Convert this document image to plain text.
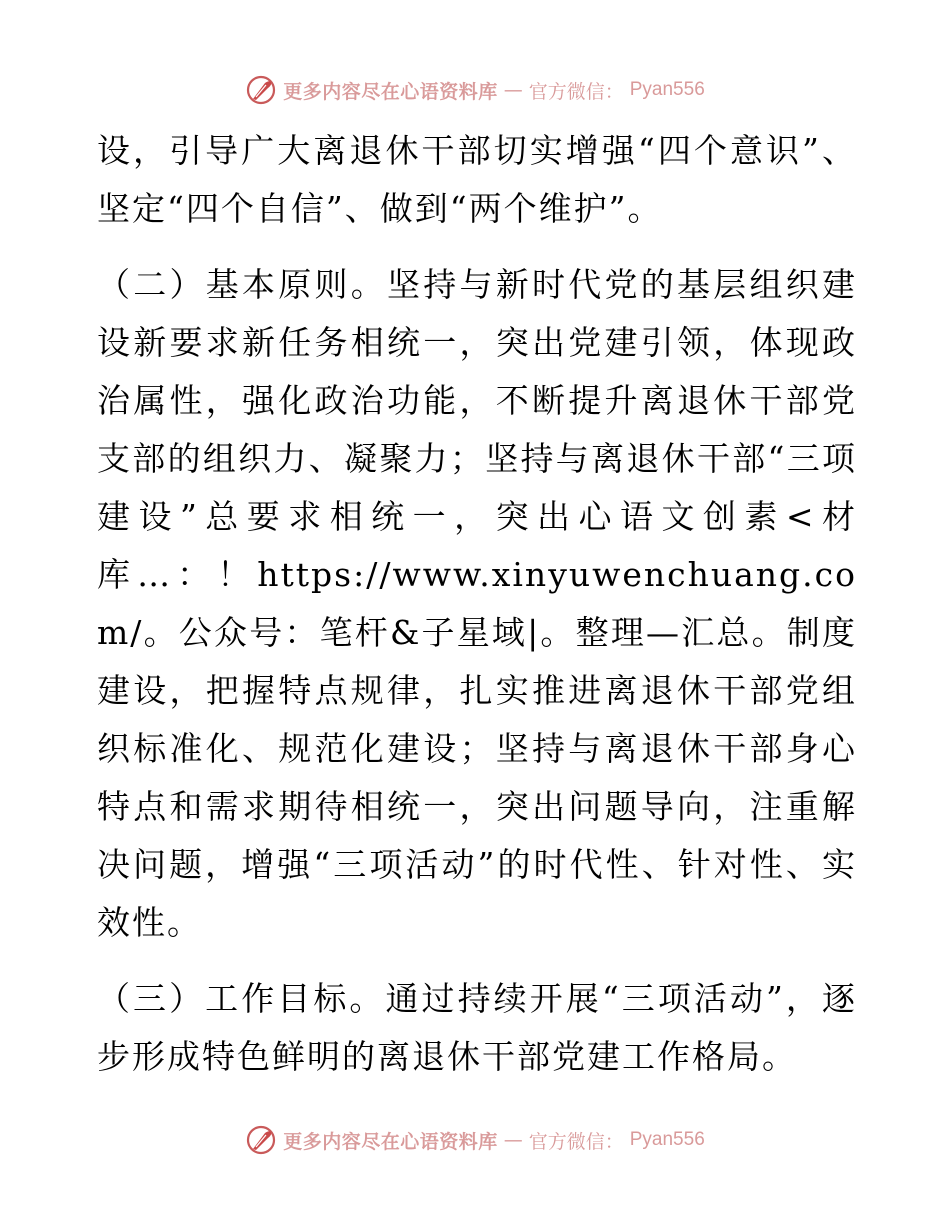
更多内容尽在心语资料库 — 官方微信： Pyan556

设，引导广大离退休干部切实增强“四个意识”、坚定“四个自信”、做到“两个维护”。

（二）基本原则。坚持与新时代党的基层组织建设新要求新任务相统一，突出党建引领，体现政治属性，强化政治功能，不断提升离退休干部党支部的组织力、凝聚力；坚持与离退休干部“三项建设”总要求相统一，突出心语文创素<材库…：！https://www.xinyuwenchuang.com/。公众号：笔杆&子星域|。整理—汇总。制度建设，把握特点规律，扎实推进离退休干部党组织标准化、规范化建设；坚持与离退休干部身心特点和需求期待相统一，突出问题导向，注重解决问题，增强“三项活动”的时代性、针对性、实效性。

（三）工作目标。通过持续开展“三项活动”，逐步形成特色鲜明的离退休干部党建工作格局。

更多内容尽在心语资料库 — 官方微信： Pyan556
